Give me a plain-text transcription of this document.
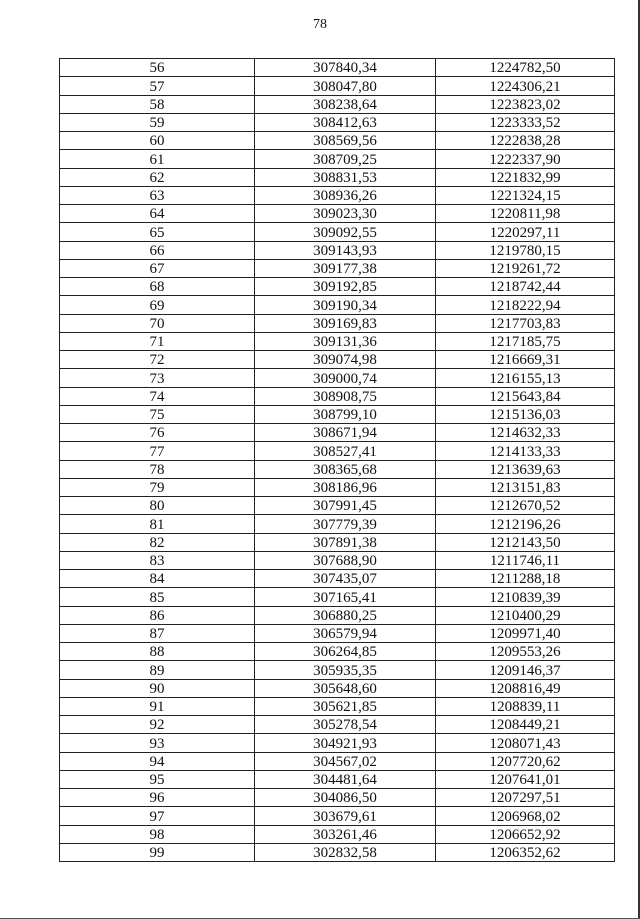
78
56	307840,34	1224782,50
57	308047,80	1224306,21
58	308238,64	1223823,02
59	308412,63	1223333,52
60	308569,56	1222838,28
61	308709,25	1222337,90
62	308831,53	1221832,99
63	308936,26	1221324,15
64	309023,30	1220811,98
65	309092,55	1220297,11
66	309143,93	1219780,15
67	309177,38	1219261,72
68	309192,85	1218742,44
69	309190,34	1218222,94
70	309169,83	1217703,83
71	309131,36	1217185,75
72	309074,98	1216669,31
73	309000,74	1216155,13
74	308908,75	1215643,84
75	308799,10	1215136,03
76	308671,94	1214632,33
77	308527,41	1214133,33
78	308365,68	1213639,63
79	308186,96	1213151,83
80	307991,45	1212670,52
81	307779,39	1212196,26
82	307891,38	1212143,50
83	307688,90	1211746,11
84	307435,07	1211288,18
85	307165,41	1210839,39
86	306880,25	1210400,29
87	306579,94	1209971,40
88	306264,85	1209553,26
89	305935,35	1209146,37
90	305648,60	1208816,49
91	305621,85	1208839,11
92	305278,54	1208449,21
93	304921,93	1208071,43
94	304567,02	1207720,62
95	304481,64	1207641,01
96	304086,50	1207297,51
97	303679,61	1206968,02
98	303261,46	1206652,92
99	302832,58	1206352,62
